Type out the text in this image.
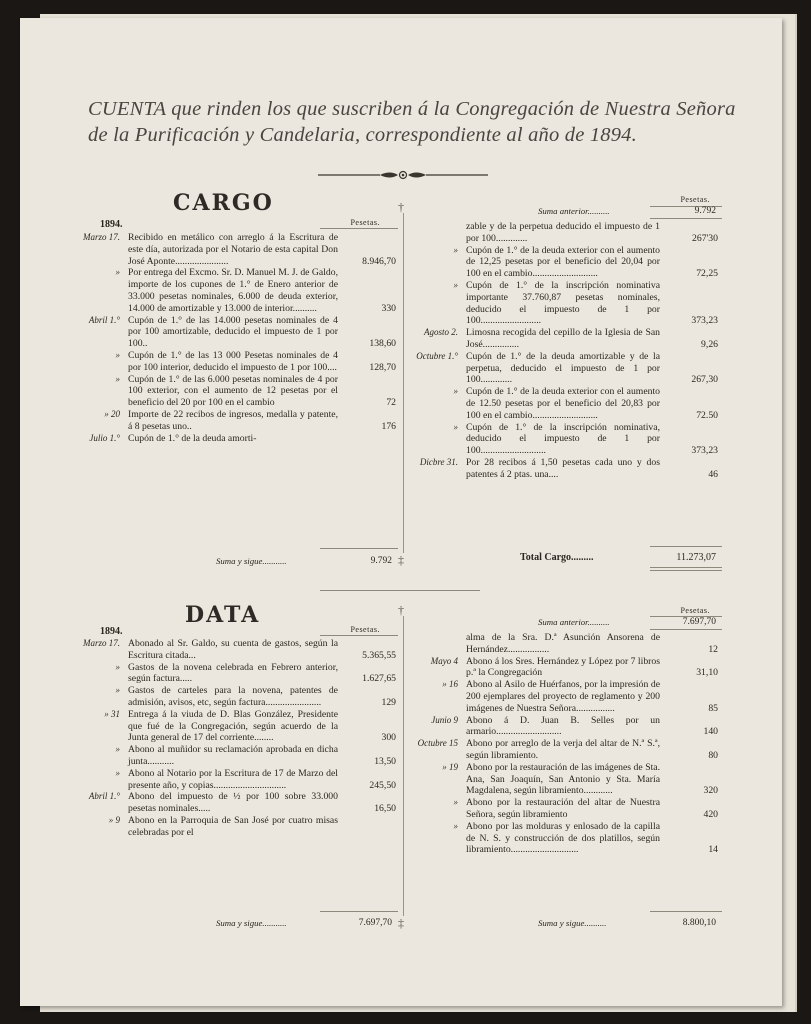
CUENTA que rinden los que suscriben á la Congregación de Nuestra Señora de la Purificación y Candelaria, correspondiente al año de 1894.
CARGO
1894.	Pesetas.
Pesetas.
†
‡
Marzo 17. Recibido en metálico con arreglo á la Escritura de este día, autorizada por el Notario de esta capital Don José Aponte......................	8.946,70
» Por entrega del Excmo. Sr. D. Manuel M. J. de Galdo, importe de los cupones de 1.° de Enero anterior de 33.000 pesetas nominales, 6.000 de deuda exterior, 14.000 de amortizable y 13.000 de interior..........	330
Abril 1.° Cupón de 1.° de las 14.000 pesetas nominales de 4 por 100 amortizable, deducido el impuesto de 1 por 100..	138,60
» Cupón de 1.° de las 13 000 Pesetas nominales de 4 por 100 interior, deducido el impuesto de 1 por 100....	128,70
» Cupón de 1.° de las 6.000 pesetas nominales de 4 por 100 exterior, con el aumento de 12 pesetas por el beneficio del 20 por 100 en el cambio	72
» 20 Importe de 22 recibos de ingresos, medalla y patente, á 8 pesetas uno..	176
Julio 1.° Cupón de 1.° de la deuda amorti-
Suma y sigue...........	9.792
Suma anterior..........	9.792
zable y de la perpetua deducido el impuesto de 1 por 100.............	267'30
» Cupón de 1.° de la deuda exterior con el aumento de 12,25 pesetas por el beneficio del 20,04 por 100 en el cambio...........................	72,25
» Cupón de 1.° de la inscripción nominativa importante 37.760,87 pesetas nominales, deducido el impuesto de 1 por 100.........................	373,23
Agosto 2. Limosna recogida del cepillo de la Iglesia de San José...............	9,26
Octubre 1.° Cupón de 1.° de la deuda amortizable y de la perpetua, deducido el impuesto de 1 por 100.............	267,30
» Cupón de 1.° de la deuda exterior con el aumento de 12.50 pesetas por el beneficio del 20,83 por 100 en el cambio...........................	72.50
» Cupón de 1.° de la inscripción nominativa, deducido el impuesto de 1 por 100...........................	373,23
Dicbre 31. Por 28 recibos á 1,50 pesetas cada uno y dos patentes á 2 ptas. una....	46
Total Cargo.........	11.273,07
DATA
1894.	Pesetas.
Pesetas.
†
‡
Marzo 17. Abonado al Sr. Galdo, su cuenta de gastos, según la Escritura citada...	5.365,55
» Gastos de la novena celebrada en Febrero anterior, según factura.....	1.627,65
» Gastos de carteles para la novena, patentes de admisión, avisos, etc, según factura.......................	129
» 31 Entrega á la viuda de D. Blas González, Presidente que fué de la Congregación, según acuerdo de la Junta general de 17 del corriente........	300
» Abono al muñidor su reclamación aprobada en dicha junta...........	13,50
» Abono al Notario por la Escritura de 17 de Marzo del presente año, y copias..............................	245,50
Abril 1.° Abono del impuesto de ½ por 100 sobre 33.000 pesetas nominales.....	16,50
» 9 Abono en la Parroquia de San José por cuatro misas celebradas por el
Suma y sigue...........	7.697,70
Suma anterior..........	7.697,70
alma de la Sra. D.ª Asunción Ansorena de Hernández.................	12
Mayo 4 Abono á los Sres. Hernández y López por 7 libros p.ª la Congregación	31,10
» 16 Abono al Asilo de Huérfanos, por la impresión de 200 ejemplares del proyecto de reglamento y 200 imágenes de Nuestra Señora................	85
Junio 9 Abono á D. Juan B. Selles por un armario...........................	140
Octubre 15 Abono por arreglo de la verja del altar de N.ª S.ª, según libramiento.	80
» 19 Abono por la restauración de las imágenes de Sta. Ana, San Joaquín, San Antonio y Sta. María Magdalena, según libramiento............	320
» Abono por la restauración del altar de Nuestra Señora, según libramiento	420
» Abono por las molduras y enlosado de la capilla de N. S. y construcción de dos platillos, según libramiento............................	14
Suma y sigue..........	8.800,10
